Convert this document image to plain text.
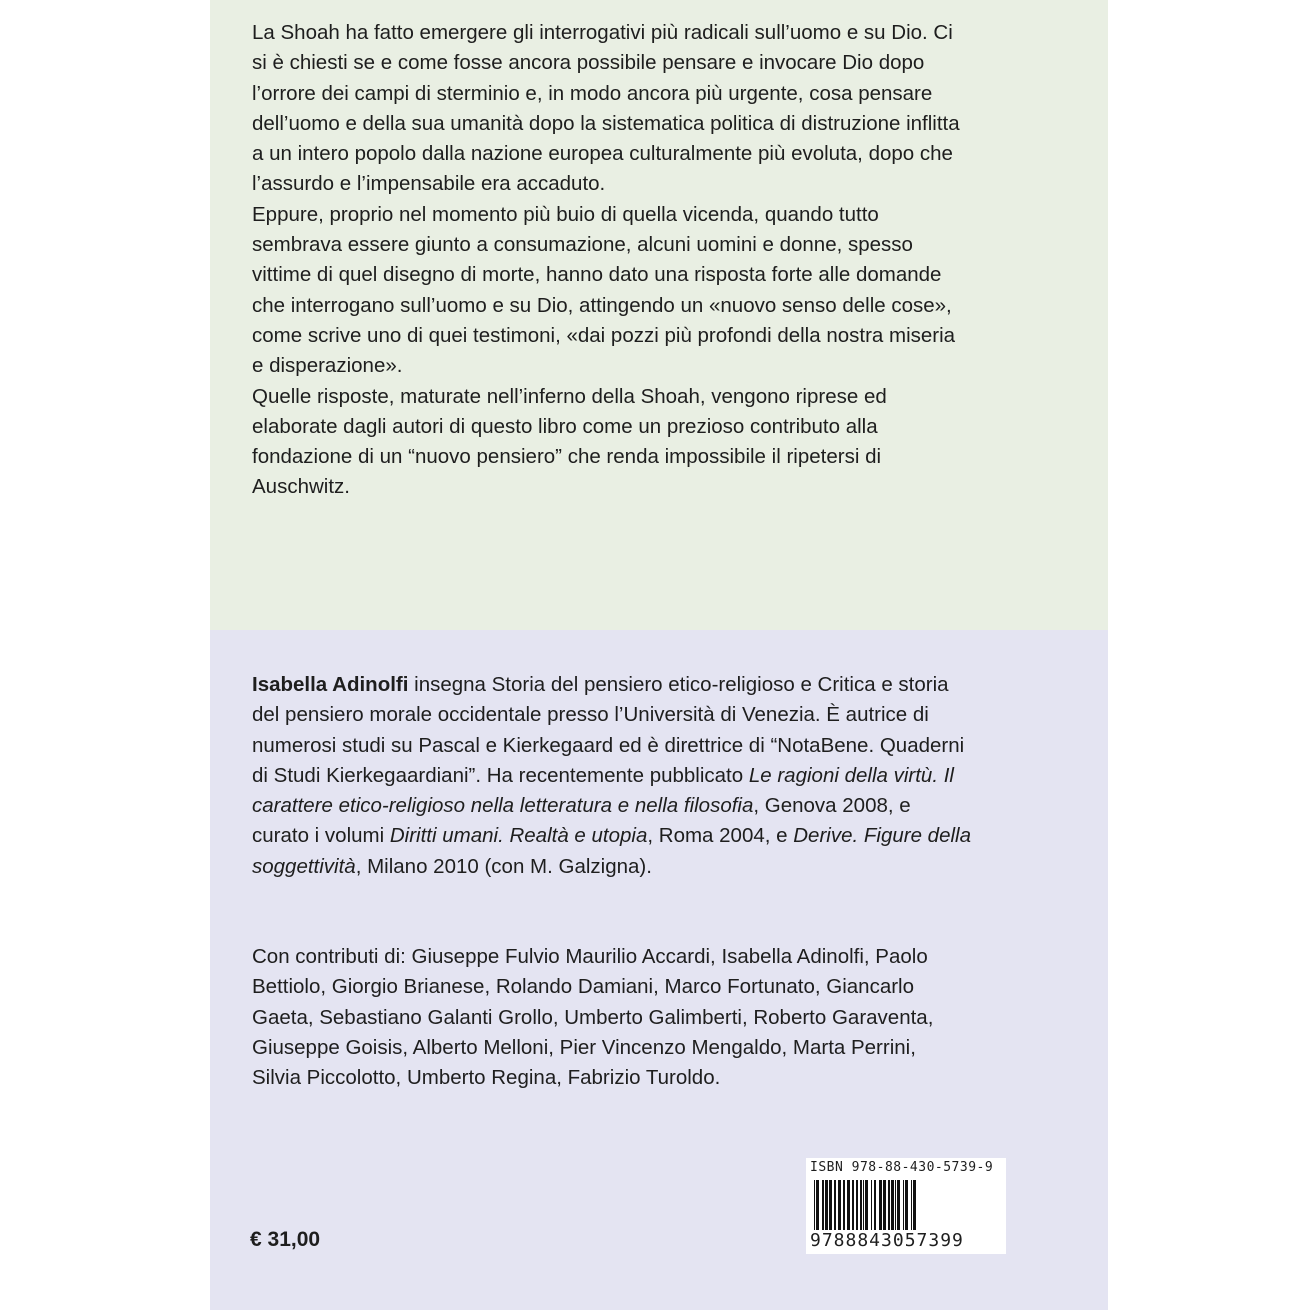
La Shoah ha fatto emergere gli interrogativi più radicali sull’uomo e su Dio. Ci si è chiesti se e come fosse ancora possibile pensare e invocare Dio dopo l’orrore dei campi di sterminio e, in modo ancora più urgente, cosa pensare dell’uomo e della sua umanità dopo la sistematica politica di distruzione inflitta a un intero popolo dalla nazione europea culturalmente più evoluta, dopo che l’assurdo e l’impensabile era accaduto.

Eppure, proprio nel momento più buio di quella vicenda, quando tutto sembrava essere giunto a consumazione, alcuni uomini e donne, spesso vittime di quel disegno di morte, hanno dato una risposta forte alle domande che interrogano sull’uomo e su Dio, attingendo un «nuovo senso delle cose», come scrive uno di quei testimoni, «dai pozzi più profondi della nostra miseria e disperazione».

Quelle risposte, maturate nell’inferno della Shoah, vengono riprese ed elaborate dagli autori di questo libro come un prezioso contributo alla fondazione di un “nuovo pensiero” che renda impossibile il ripetersi di Auschwitz.

Isabella Adinolfi insegna Storia del pensiero etico-religioso e Critica e storia del pensiero morale occidentale presso l’Università di Venezia. È autrice di numerosi studi su Pascal e Kierkegaard ed è direttrice di “NotaBene. Quaderni di Studi Kierkegaardiani”. Ha recentemente pubblicato Le ragioni della virtù. Il carattere etico-religioso nella letteratura e nella filosofia, Genova 2008, e curato i volumi Diritti umani. Realtà e utopia, Roma 2004, e Derive. Figure della soggettività, Milano 2010 (con M. Galzigna).

Con contributi di: Giuseppe Fulvio Maurilio Accardi, Isabella Adinolfi, Paolo Bettiolo, Giorgio Brianese, Rolando Damiani, Marco Fortunato, Giancarlo Gaeta, Sebastiano Galanti Grollo, Umberto Galimberti, Roberto Garaventa, Giuseppe Goisis, Alberto Melloni, Pier Vincenzo Mengaldo, Marta Perrini, Silvia Piccolotto, Umberto Regina, Fabrizio Turoldo.
€ 31,00
ISBN 978-88-430-5739-9
9788843057399
